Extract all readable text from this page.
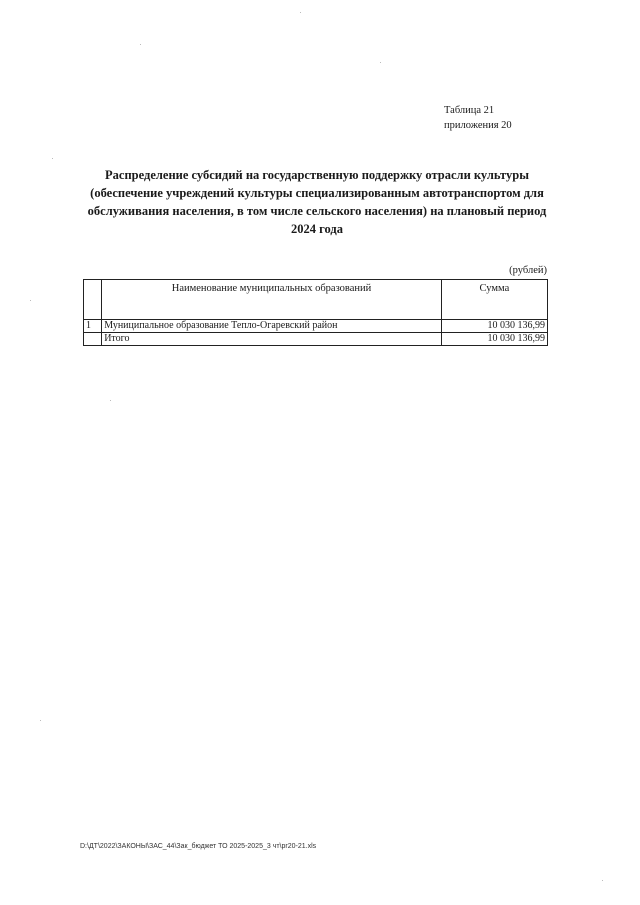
Таблица 21
приложения 20
Распределение субсидий на государственную поддержку отрасли культуры
(обеспечение учреждений культуры специализированным автотранспортом для
обслуживания населения, в том числе сельского населения) на плановый период
2024 года
(рублей)
	Наименование муниципальных образований	Сумма
1	Муниципальное образование Тепло-Огаревский район	10 030 136,99
	Итого	10 030 136,99
D:\ДТ\2022\ЗАКОНЫ\ЗАС_44\Зак_бюджет ТО 2025-2025_3 чт\pr20-21.xls
